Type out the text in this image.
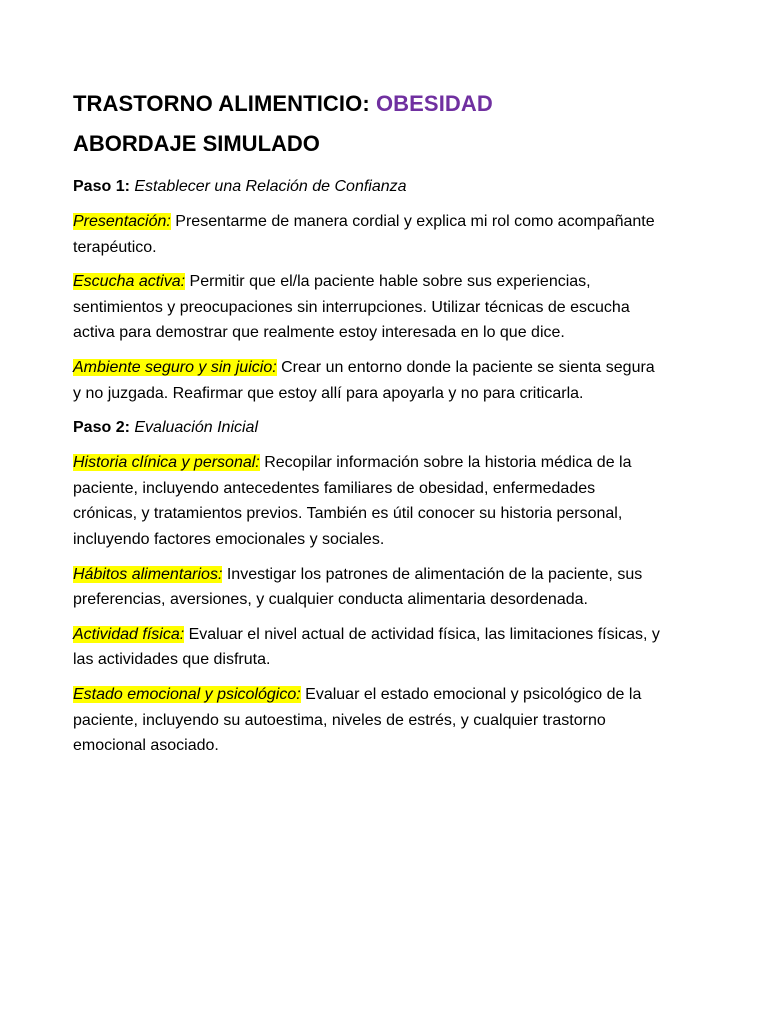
TRASTORNO ALIMENTICIO: OBESIDAD
ABORDAJE SIMULADO

Paso 1: Establecer una Relación de Confianza

Presentación: Presentarme de manera cordial y explica mi rol como acompañante terapéutico.

Escucha activa: Permitir que el/la paciente hable sobre sus experiencias, sentimientos y preocupaciones sin interrupciones. Utilizar técnicas de escucha activa para demostrar que realmente estoy interesada en lo que dice.

Ambiente seguro y sin juicio: Crear un entorno donde la paciente se sienta segura y no juzgada. Reafirmar que estoy allí para apoyarla y no para criticarla.

Paso 2: Evaluación Inicial

Historia clínica y personal: Recopilar información sobre la historia médica de la paciente, incluyendo antecedentes familiares de obesidad, enfermedades crónicas, y tratamientos previos. También es útil conocer su historia personal, incluyendo factores emocionales y sociales.

Hábitos alimentarios: Investigar los patrones de alimentación de la paciente, sus preferencias, aversiones, y cualquier conducta alimentaria desordenada.

Actividad física: Evaluar el nivel actual de actividad física, las limitaciones físicas, y las actividades que disfruta.

Estado emocional y psicológico: Evaluar el estado emocional y psicológico de la paciente, incluyendo su autoestima, niveles de estrés, y cualquier trastorno emocional asociado.
